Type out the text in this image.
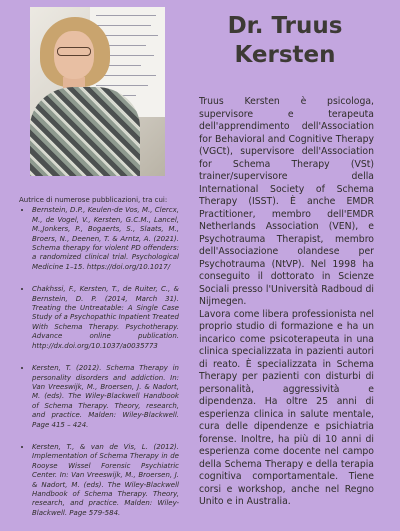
Dr. Truus
Kersten

Truus Kersten è psicologa, supervisore e terapeuta dell'apprendimento dell'Association for Behavioral and Cognitive Therapy (VGCt), supervisore dell'Association for Schema Therapy (VSt) trainer/supervisore della International Society of Schema Therapy (ISST). È anche EMDR Practitioner, membro dell'EMDR Netherlands Association (VEN), e Psychotrauma Therapist, membro dell'Associazione olandese per Psychotrauma (NtVP). Nel 1998 ha conseguito il dottorato in Scienze Sociali presso l'Università Radboud di Nijmegen.

Lavora come libera professionista nel proprio studio di formazione e ha un incarico come psicoterapeuta in una clinica specializzata in pazienti autori di reato. È specializzata in Schema Therapy per pazienti con disturbi di personalità, aggressività e dipendenza. Ha oltre 25 anni di esperienza clinica in salute mentale, cura delle dipendenze e psichiatria forense. Inoltre, ha più di 10 anni di esperienza come docente nel campo della Schema Therapy e della terapia cognitiva comportamentale. Tiene corsi e workshop, anche nel Regno Unito e in Australia.

Autrice di numerose pubblicazioni, tra cui:

• Bernstein, D.P., Keulen-de Vos, M., Clercx, M., de Vogel, V., Kersten, G.C.M., Lancel, M.,Jonkers, P., Bogaerts, S., Slaats, M., Broers, N., Deenen, T. & Arntz, A. (2021). Schema therapy for violent PD offenders: a randomized clinical trial. Psychological Medicine 1–15. https://doi.org/10.1017/
• Chakhssi, F., Kersten, T., de Ruiter, C., & Bernstein, D. P. (2014, March 31). Treating the Untreatable: A Single Case Study of a Psychopathic Inpatient Treated With Schema Therapy. Psychotherapy. Advance online publication. http://dx.doi.org/10.1037/a0035773
• Kersten, T. (2012). Schema Therapy in personality disorders and addiction. In: Van Vreeswijk, M., Broersen, J. & Nadort, M. (eds). The Wiley-Blackwell Handbook of Schema Therapy. Theory, research, and practice. Malden: Wiley-Blackwell. Page 415 – 424.
• Kersten, T., & van de Vis, L. (2012). Implementation of Schema Therapy in de Rooyse Wissel Forensic Psychiatric Center. In: Van Vreeswijk, M., Broersen, J. & Nadort, M. (eds). The Wiley-Blackwell Handbook of Schema Therapy. Theory, research, and practice. Malden: Wiley-Blackwell. Page 579-584.
